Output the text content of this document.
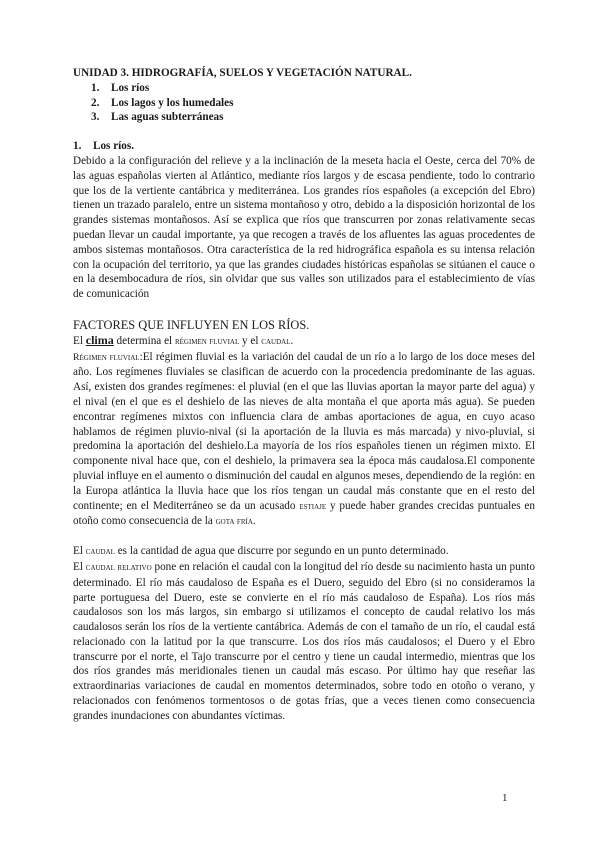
UNIDAD 3. HIDROGRAFÍA, SUELOS Y VEGETACIÓN NATURAL.
1. Los ríos
2. Los lagos y los humedales
3. Las aguas subterráneas
1. Los ríos.

Debido a la configuración del relieve y a la inclinación de la meseta hacia el Oeste, cerca del 70% de las aguas españolas vierten al Atlántico, mediante ríos largos y de escasa pendiente, todo lo contrario que los de la vertiente cantábrica y mediterránea. Los grandes ríos españoles (a excepción del Ebro) tienen un trazado paralelo, entre un sistema montañoso y otro, debido a la disposición horizontal de los grandes sistemas montañosos. Así se explica que ríos que transcurren por zonas relativamente secas puedan llevar un caudal importante, ya que recogen a través de los afluentes las aguas procedentes de ambos sistemas montañosos. Otra característica de la red hidrográfica española es su intensa relación con la ocupación del territorio, ya que las grandes ciudades históricas españolas se sitúanen el cauce o en la desembocadura de ríos, sin olvidar que sus valles son utilizados para el establecimiento de vías de comunicación

FACTORES QUE INFLUYEN EN LOS RÍOS.

El clima determina el régimen fluvial y el caudal.

Régimen fluvial:El régimen fluvial es la variación del caudal de un río a lo largo de los doce meses del año. Los regímenes fluviales se clasifican de acuerdo con la procedencia predominante de las aguas. Así, existen dos grandes regímenes: el pluvial (en el que las lluvias aportan la mayor parte del agua) y el nival (en el que es el deshielo de las nieves de alta montaña el que aporta más agua). Se pueden encontrar regímenes mixtos con influencia clara de ambas aportaciones de agua, en cuyo acaso hablamos de régimen pluvio-nival (si la aportación de la lluvia es más marcada) y nivo-pluvial, si predomina la aportación del deshielo.La mayoría de los ríos españoles tienen un régimen mixto. El componente nival hace que, con el deshielo, la primavera sea la época más caudalosa.El componente pluvial influye en el aumento o disminución del caudal en algunos meses, dependiendo de la región: en la Europa atlántica la lluvia hace que los ríos tengan un caudal más constante que en el resto del continente; en el Mediterráneo se da un acusado estiaje y puede haber grandes crecidas puntuales en otoño como consecuencia de la gota fría.

El caudal es la cantidad de agua que discurre por segundo en un punto determinado.

El caudal relativo pone en relación el caudal con la longitud del río desde su nacimiento hasta un punto determinado. El río más caudaloso de España es el Duero, seguido del Ebro (si no consideramos la parte portuguesa del Duero, este se convierte en el río más caudaloso de España). Los ríos más caudalosos son los más largos, sin embargo si utilizamos el concepto de caudal relativo los más caudalosos serán los ríos de la vertiente cantábrica. Además de con el tamaño de un río, el caudal está relacionado con la latitud por la que transcurre. Los dos ríos más caudalosos; el Duero y el Ebro transcurre por el norte, el Tajo transcurre por el centro y tiene un caudal intermedio, mientras que los dos ríos grandes más meridionales tienen un caudal más escaso. Por último hay que reseñar las extraordinarias variaciones de caudal en momentos determinados, sobre todo en otoño o verano, y relacionados con fenómenos tormentosos o de gotas frías, que a veces tienen como consecuencia grandes inundaciones con abundantes víctimas.

1
